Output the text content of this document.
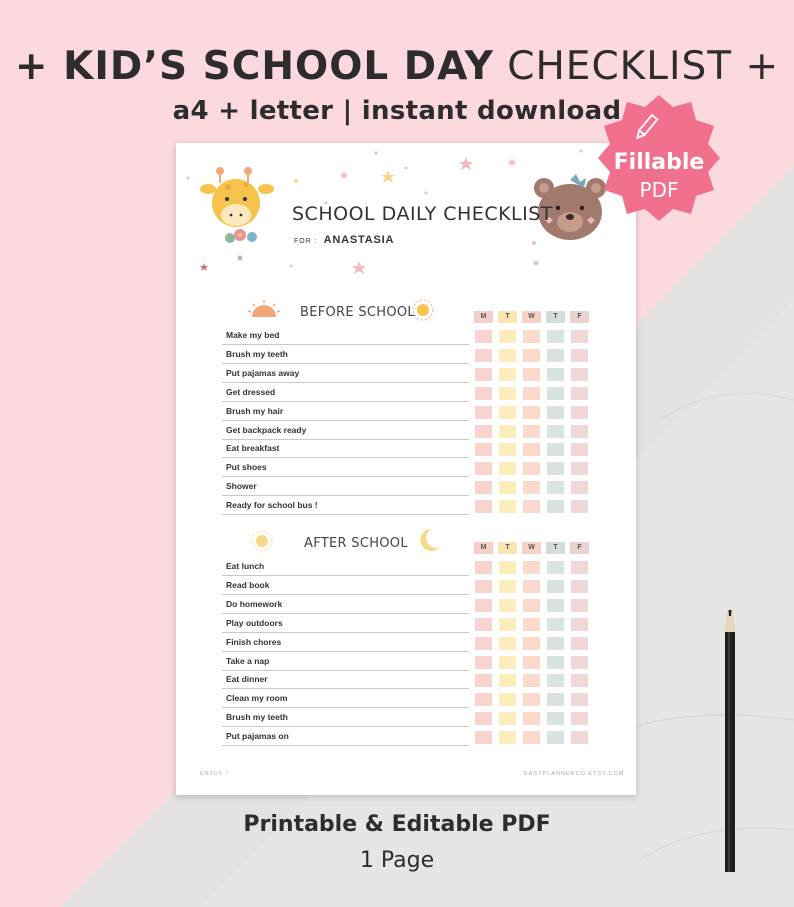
+ KID’S SCHOOL DAY CHECKLIST +
a4 + letter | instant download
Fillable
PDF
SCHOOL DAILY CHECKLIST
FOR : ANASTASIA
BEFORE SCHOOL
AFTER SCHOOL
M	T	W	T	F
Make my bed
Brush my teeth
Put pajamas away
Get dressed
Brush my hair
Get backpack ready
Eat breakfast
Put shoes
Shower
Ready for school bus !
M	T	W	T	F
Eat lunch
Read book
Do homework
Play outdoors
Finish chores
Take a nap
Eat dinner
Clean my room
Brush my teeth
Put pajamas on
ENJOY !	EASYPLANNERCO.ETSY.COM
Printable & Editable PDF
1 Page
